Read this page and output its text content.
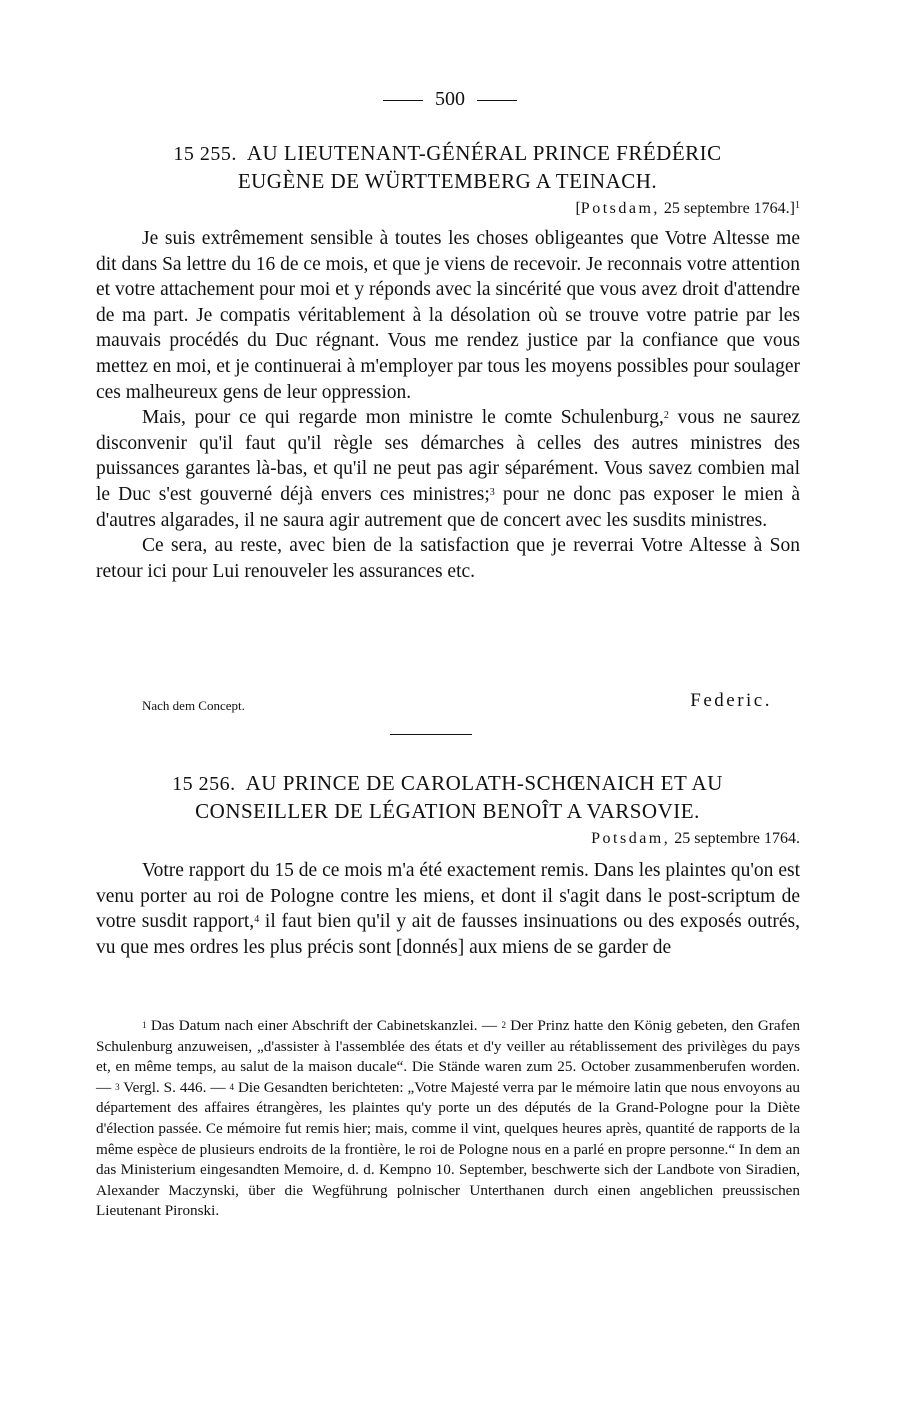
500
15 255. AU LIEUTENANT-GÉNÉRAL PRINCE FRÉDÉRIC
EUGÈNE DE WÜRTTEMBERG A TEINACH.
[Potsdam, 25 septembre 1764.]$^1$

Je suis extrêmement sensible à toutes les choses obligeantes que Votre Altesse me dit dans Sa lettre du 16 de ce mois, et que je viens de recevoir. Je reconnais votre attention et votre attachement pour moi et y réponds avec la sincérité que vous avez droit d'attendre de ma part. Je compatis véritablement à la désolation où se trouve votre patrie par les mauvais procédés du Duc régnant. Vous me rendez justice par la confiance que vous mettez en moi, et je continuerai à m'employer par tous les moyens possibles pour soulager ces malheureux gens de leur oppression.

Mais, pour ce qui regarde mon ministre le comte Schulenburg,$^2$ vous ne saurez disconvenir qu'il faut qu'il règle ses démarches à celles des autres ministres des puissances garantes là-bas, et qu'il ne peut pas agir séparément. Vous savez combien mal le Duc s'est gouverné déjà envers ces ministres;$^3$ pour ne donc pas exposer le mien à d'autres algarades, il ne saura agir autrement que de concert avec les susdits ministres.

Ce sera, au reste, avec bien de la satisfaction que je reverrai Votre Altesse à Son retour ici pour Lui renouveler les assurances etc.

Nach dem Concept.	Federic.
15 256. AU PRINCE DE CAROLATH-SCHŒNAICH ET AU
CONSEILLER DE LÉGATION BENOÎT A VARSOVIE.
Potsdam, 25 septembre 1764.

Votre rapport du 15 de ce mois m'a été exactement remis. Dans les plaintes qu'on est venu porter au roi de Pologne contre les miens, et dont il s'agit dans le post-scriptum de votre susdit rapport,$^4$ il faut bien qu'il y ait de fausses insinuations ou des exposés outrés, vu que mes ordres les plus précis sont [donnés] aux miens de se garder de

$^1$ Das Datum nach einer Abschrift der Cabinetskanzlei. — $^2$ Der Prinz hatte den König gebeten, den Grafen Schulenburg anzuweisen, „d'assister à l'assemblée des états et d'y veiller au rétablissement des privilèges du pays et, en même temps, au salut de la maison ducale“. Die Stände waren zum 25. October zusammenberufen worden. — $^3$ Vergl. S. 446. — $^4$ Die Gesandten berichteten: „Votre Majesté verra par le mémoire latin que nous envoyons au département des affaires étrangères, les plaintes qu'y porte un des députés de la Grand-Pologne pour la Diète d'élection passée. Ce mémoire fut remis hier; mais, comme il vint, quelques heures après, quantité de rapports de la même espèce de plusieurs endroits de la frontière, le roi de Pologne nous en a parlé en propre personne.“ In dem an das Ministerium eingesandten Memoire, d. d. Kempno 10. September, beschwerte sich der Landbote von Siradien, Alexander Maczynski, über die Wegführung polnischer Unterthanen durch einen angeblichen preussischen Lieutenant Pironski.
